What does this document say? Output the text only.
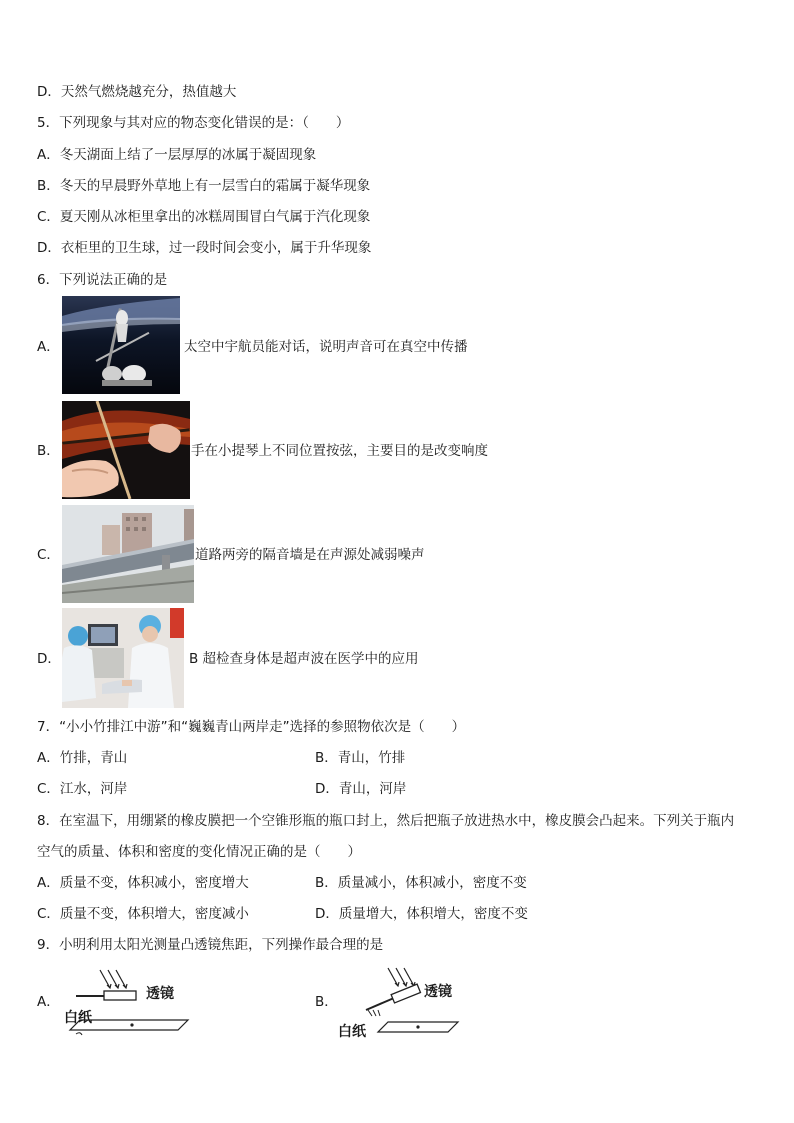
D．天然气燃烧越充分，热值越大
5．下列现象与其对应的物态变化错误的是：（　　）
A．冬天湖面上结了一层厚厚的冰属于凝固现象
B．冬天的早晨野外草地上有一层雪白的霜属于凝华现象
C．夏天刚从冰柜里拿出的冰糕周围冒白气属于汽化现象
D．衣柜里的卫生球，过一段时间会变小，属于升华现象
6．下列说法正确的是
A．	太空中宇航员能对话，说明声音可在真空中传播
B．	手在小提琴上不同位置按弦，主要目的是改变响度
C．	道路两旁的隔音墙是在声源处减弱噪声
D．	B 超检查身体是超声波在医学中的应用
7．“小小竹排江中游”和“巍巍青山两岸走”选择的参照物依次是（　　）
A．竹排，青山	B．青山，竹排
C．江水，河岸	D．青山，河岸
8．在室温下，用绷紧的橡皮膜把一个空锥形瓶的瓶口封上，然后把瓶子放进热水中，橡皮膜会凸起来。下列关于瓶内
空气的质量、体积和密度的变化情况正确的是（　　）
A．质量不变，体积减小，密度增大	B．质量减小，体积减小，密度不变
C．质量不变，体积增大，密度减小	D．质量增大，体积增大，密度不变
9．小明利用太阳光测量凸透镜焦距，下列操作最合理的是
A．	透镜
白纸
B．
透镜
白纸
